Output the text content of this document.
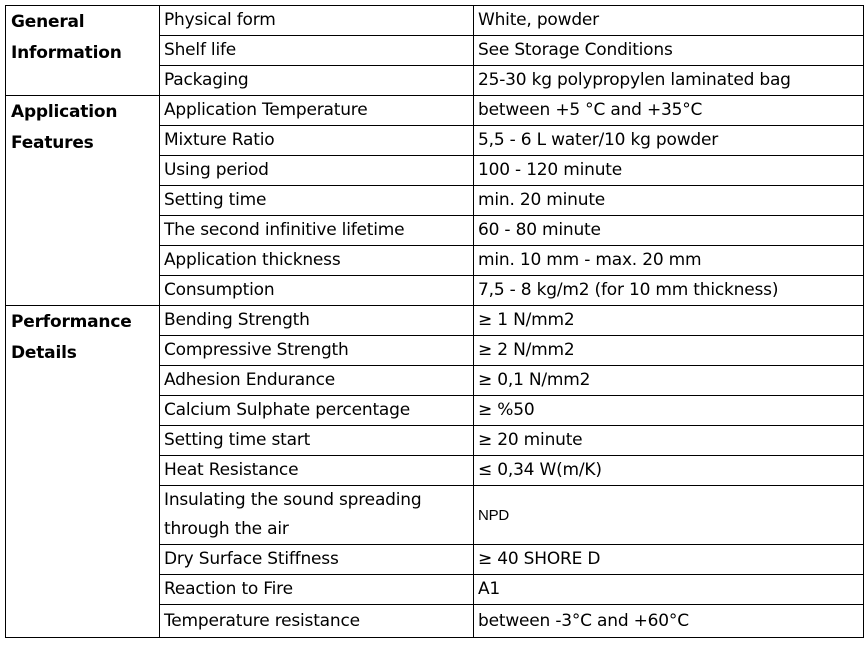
General Information	Physical form	White, powder
	Shelf life	See Storage Conditions
	Packaging	25-30 kg polypropylen laminated bag
Application Features	Application Temperature	between +5 °C and +35°C
	Mixture Ratio	5,5 - 6 L water/10 kg powder
	Using period	100 - 120 minute
	Setting time	min. 20 minute
	The second infinitive lifetime	60 - 80 minute
	Application thickness	min. 10 mm - max. 20 mm
	Consumption	7,5 - 8 kg/m2 (for 10 mm thickness)
Performance Details	Bending Strength	≥ 1 N/mm2
	Compressive Strength	≥ 2 N/mm2
	Adhesion Endurance	≥ 0,1 N/mm2
	Calcium Sulphate percentage	≥ %50
	Setting time start	≥ 20 minute
	Heat Resistance	≤ 0,34 W(m/K)
	Insulating the sound spreading through the air	NPD
	Dry Surface Stiffness	≥ 40 SHORE D
	Reaction to Fire	A1
	Temperature resistance	between -3°C and +60°C
